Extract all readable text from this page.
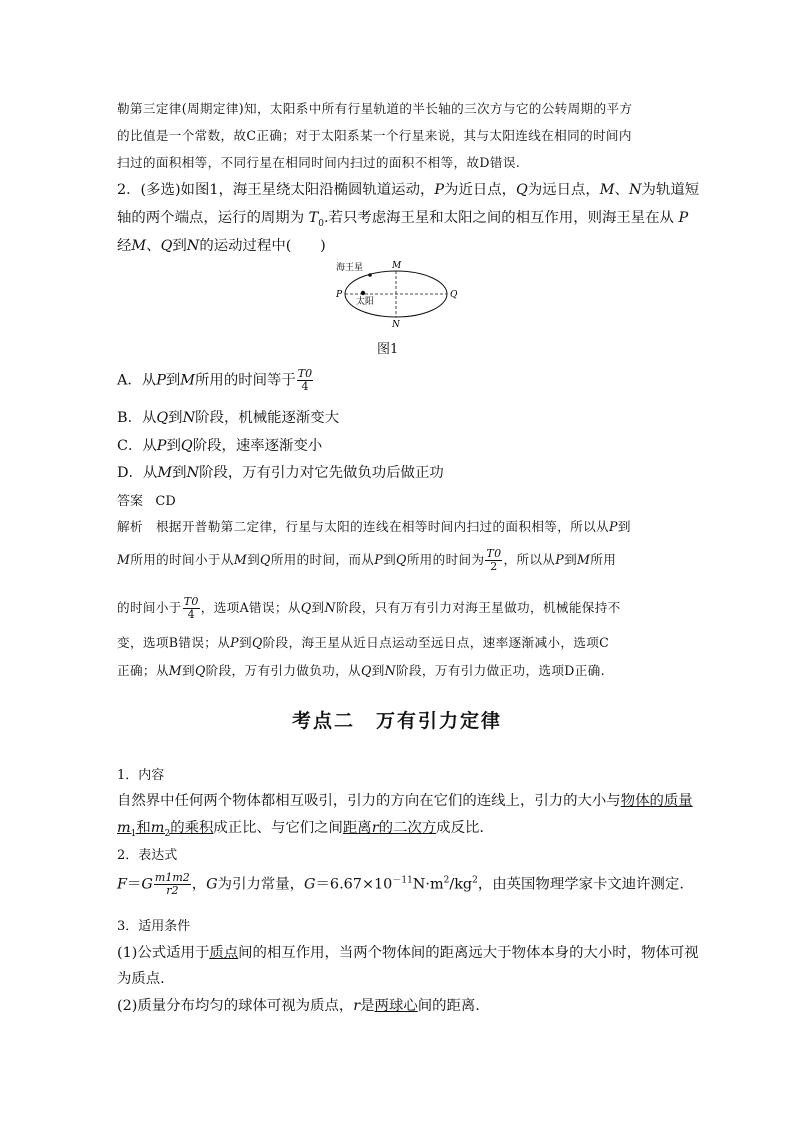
勒第三定律(周期定律)知，太阳系中所有行星轨道的半长轴的三次方与它的公转周期的平方
的比值是一个常数，故C正确；对于太阳系某一个行星来说，其与太阳连线在相同的时间内
扫过的面积相等，不同行星在相同时间内扫过的面积不相等，故D错误.
2．(多选)如图1，海王星绕太阳沿椭圆轨道运动，P为近日点，Q为远日点，M、N为轨道短
轴的两个端点，运行的周期为 $T_0$.若只考虑海王星和太阳之间的相互作用，则海王星在从 P
经M、Q到N的运动过程中(　　)
海王星
太阳
M
N
P	Q
图1
A．从P到M所用的时间等于 $\frac{T0}{4}$
B．从Q到N阶段，机械能逐渐变大
C．从P到Q阶段，速率逐渐变小
D．从M到N阶段，万有引力对它先做负功后做正功
答案 CD
解析 根据开普勒第二定律，行星与太阳的连线在相等时间内扫过的面积相等，所以从P到
M所用的时间小于从M到Q所用的时间，而从P到Q所用的时间为 $\frac{T0}{2}$ ，所以从P到M所用
的时间小于 $\frac{T0}{4}$ ，选项A错误；从Q到N阶段，只有万有引力对海王星做功，机械能保持不
变，选项B错误；从P到Q阶段，海王星从近日点运动至远日点，速率逐渐减小，选项C
正确；从M到Q阶段，万有引力做负功，从Q到N阶段，万有引力做正功，选项D正确.
考点二　万有引力定律
1．内容
自然界中任何两个物体都相互吸引，引力的方向在它们的连线上，引力的大小与物体的质量
$m_1$和$m_2$的乘积成正比、与它们之间距离r的二次方成反比.
2．表达式
$F=G \frac{m1m2}{r2}$ ，G为引力常量，$G=6.67\times 10^{-11}N\cdot m^2/kg^2$，由英国物理学家卡文迪许测定.
3．适用条件
(1)公式适用于质点间的相互作用，当两个物体间的距离远大于物体本身的大小时，物体可视
为质点.
(2)质量分布均匀的球体可视为质点，r是两球心间的距离.
